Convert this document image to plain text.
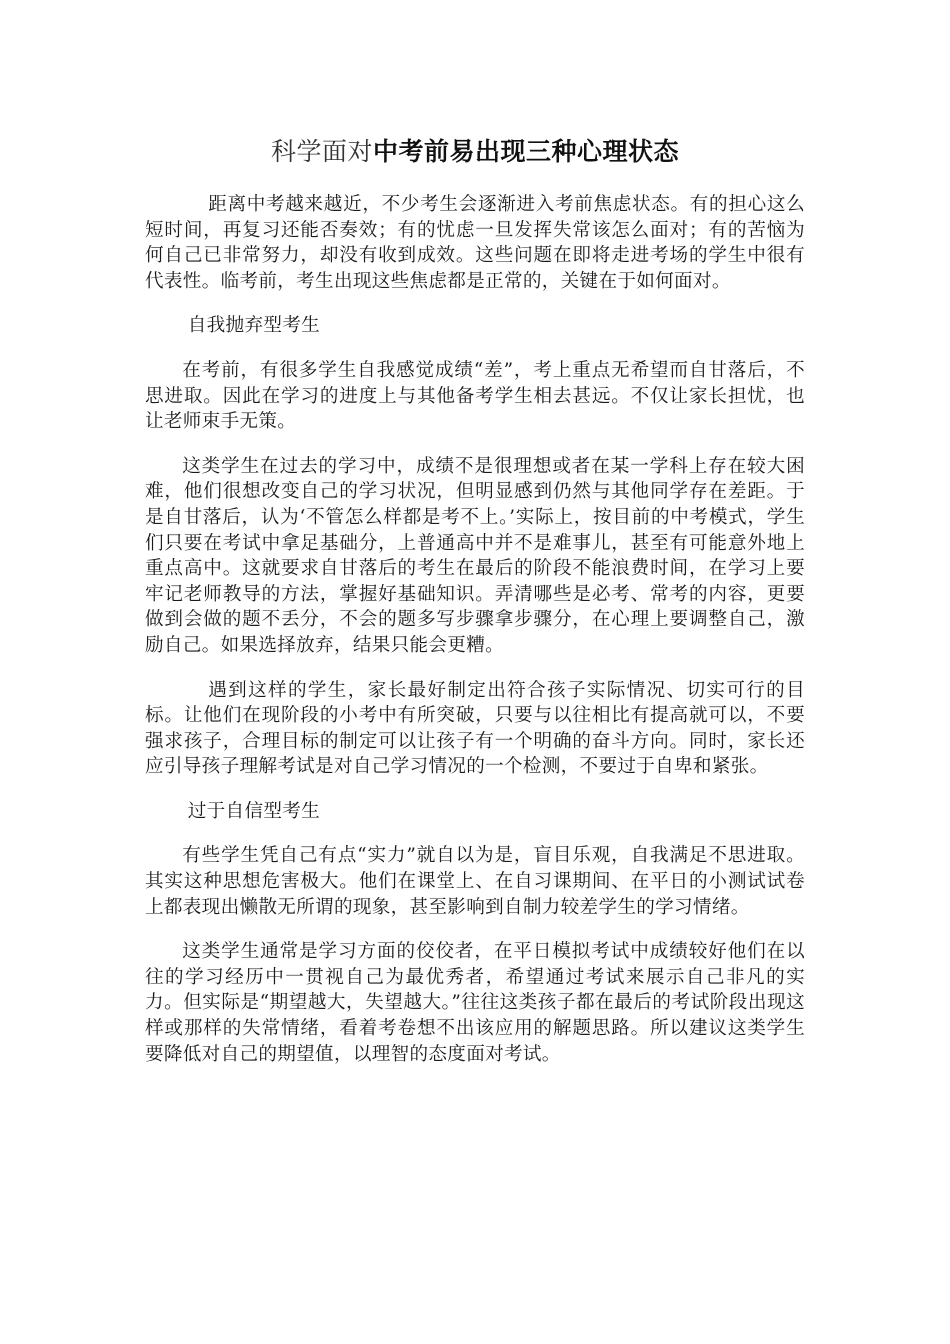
科学面对中考前易出现三种心理状态

距离中考越来越近，不少考生会逐渐进入考前焦虑状态。有的担心这么短时间，再复习还能否奏效；有的忧虑一旦发挥失常该怎么面对；有的苦恼为何自己已非常努力，却没有收到成效。这些问题在即将走进考场的学生中很有代表性。临考前，考生出现这些焦虑都是正常的，关键在于如何面对。

自我抛弃型考生

在考前，有很多学生自我感觉成绩“差”，考上重点无希望而自甘落后，不思进取。因此在学习的进度上与其他备考学生相去甚远。不仅让家长担忧，也让老师束手无策。

这类学生在过去的学习中，成绩不是很理想或者在某一学科上存在较大困难，他们很想改变自己的学习状况，但明显感到仍然与其他同学存在差距。于是自甘落后，认为‘不管怎么样都是考不上。’实际上，按目前的中考模式，学生们只要在考试中拿足基础分，上普通高中并不是难事儿，甚至有可能意外地上重点高中。这就要求自甘落后的考生在最后的阶段不能浪费时间，在学习上要牢记老师教导的方法，掌握好基础知识。弄清哪些是必考、常考的内容，更要做到会做的题不丢分，不会的题多写步骤拿步骤分，在心理上要调整自己，激励自己。如果选择放弃，结果只能会更糟。

遇到这样的学生，家长最好制定出符合孩子实际情况、切实可行的目标。让他们在现阶段的小考中有所突破，只要与以往相比有提高就可以，不要强求孩子，合理目标的制定可以让孩子有一个明确的奋斗方向。同时，家长还应引导孩子理解考试是对自己学习情况的一个检测，不要过于自卑和紧张。

过于自信型考生

有些学生凭自己有点“实力”就自以为是，盲目乐观，自我满足不思进取。其实这种思想危害极大。他们在课堂上、在自习课期间、在平日的小测试试卷上都表现出懒散无所谓的现象，甚至影响到自制力较差学生的学习情绪。

这类学生通常是学习方面的佼佼者，在平日模拟考试中成绩较好他们在以往的学习经历中一贯视自己为最优秀者，希望通过考试来展示自己非凡的实力。但实际是“期望越大，失望越大。”往往这类孩子都在最后的考试阶段出现这样或那样的失常情绪，看着考卷想不出该应用的解题思路。所以建议这类学生要降低对自己的期望值，以理智的态度面对考试。
